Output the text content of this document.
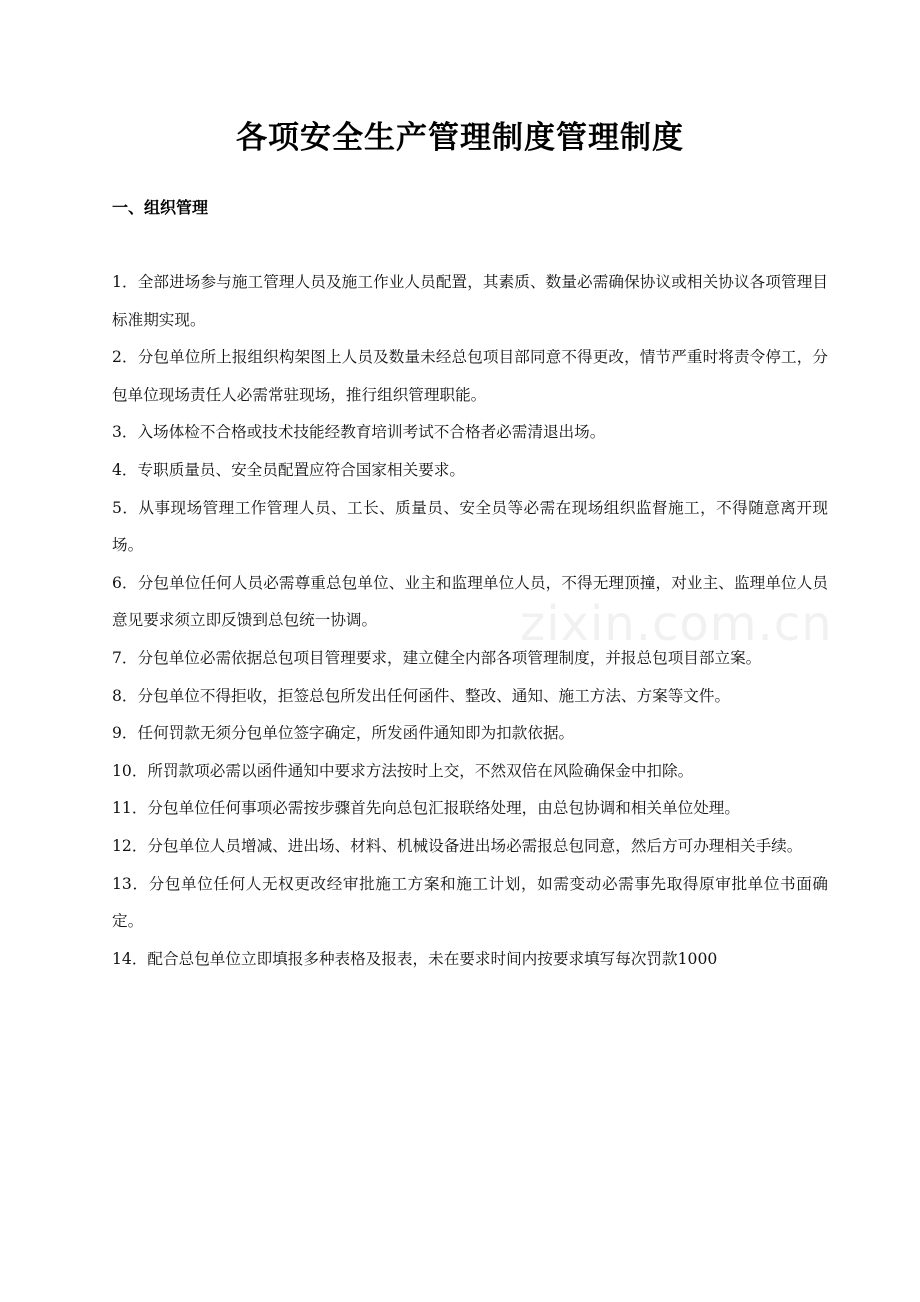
各项安全生产管理制度管理制度
一、组织管理

1．全部进场参与施工管理人员及施工作业人员配置，其素质、数量必需确保协议或相关协议各项管理目标准期实现。

2．分包单位所上报组织构架图上人员及数量未经总包项目部同意不得更改，情节严重时将责令停工，分包单位现场责任人必需常驻现场，推行组织管理职能。

3．入场体检不合格或技术技能经教育培训考试不合格者必需清退出场。

4．专职质量员、安全员配置应符合国家相关要求。

5．从事现场管理工作管理人员、工长、质量员、安全员等必需在现场组织监督施工，不得随意离开现场。

6．分包单位任何人员必需尊重总包单位、业主和监理单位人员，不得无理顶撞，对业主、监理单位人员意见要求须立即反馈到总包统一协调。

7．分包单位必需依据总包项目管理要求，建立健全内部各项管理制度，并报总包项目部立案。

8．分包单位不得拒收，拒签总包所发出任何函件、整改、通知、施工方法、方案等文件。

9．任何罚款无须分包单位签字确定，所发函件通知即为扣款依据。

10．所罚款项必需以函件通知中要求方法按时上交，不然双倍在风险确保金中扣除。

11．分包单位任何事项必需按步骤首先向总包汇报联络处理，由总包协调和相关单位处理。

12．分包单位人员增减、进出场、材料、机械设备进出场必需报总包同意，然后方可办理相关手续。

13．分包单位任何人无权更改经审批施工方案和施工计划，如需变动必需事先取得原审批单位书面确定。

14．配合总包单位立即填报多种表格及报表，未在要求时间内按要求填写每次罚款1000

zixin.com.cn
